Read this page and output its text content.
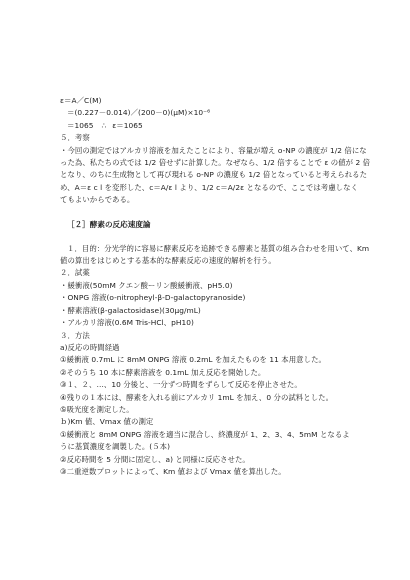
ε＝A／C(M)
＝(0.227－0.014)／(200－0)(μM)×10⁻⁶
＝1065 ∴ ε＝1065
５．考察
・今回の測定ではアルカリ溶液を加えたことにより、容量が増え o-NP の濃度が 1/2 倍にな
った為、私たちの式では 1/2 倍せずに計算した。なぜなら、1/2 倍することで ε の値が 2 倍
となり、のちに生成物として再び現れる o-NP の濃度も 1/2 倍となっていると考えられるた
め、A＝ε c l を変形した、c＝A/ε l より、1/2 c＝A/2ε となるので、ここでは考慮しなく
てもよいからである。
［２］酵素の反応速度論
１．目的：分光学的に容易に酵素反応を追跡できる酵素と基質の組み合わせを用いて、Km
値の算出をはじめとする基本的な酵素反応の速度的解析を行う。
２．試薬
・緩衝液(50mM クエン酸ーリン酸緩衝液、pH5.0)
・ONPG 溶液(o-nitropheyl-β-D-galactopyranoside)
・酵素溶液(β-galactosidase)(30μg/mL)
・アルカリ溶液(0.6M Tris-HCl、pH10)
３．方法
a)反応の時間経過
①緩衝液 0.7mL に 8mM ONPG 溶液 0.2mL を加えたものを 11 本用意した。
②そのうち 10 本に酵素溶液を 0.1mL 加え反応を開始した。
③１、２、…、10 分後と、一分ずつ時間をずらして反応を停止させた。
④残りの１本には、酵素を入れる前にアルカリ 1mL を加え、0 分の試料とした。
⑤吸光度を測定した。
ｂ)Km 値、Vmax 値の測定
①緩衝液と 8mM ONPG 溶液を適当に混合し、終濃度が 1、2、3、4、5mM となるよ
うに基質濃度を調製した。(５本)
②反応時間を 5 分間に固定し、a) と同様に反応させた。
③二重逆数プロットによって、Km 値および Vmax 値を算出した。
